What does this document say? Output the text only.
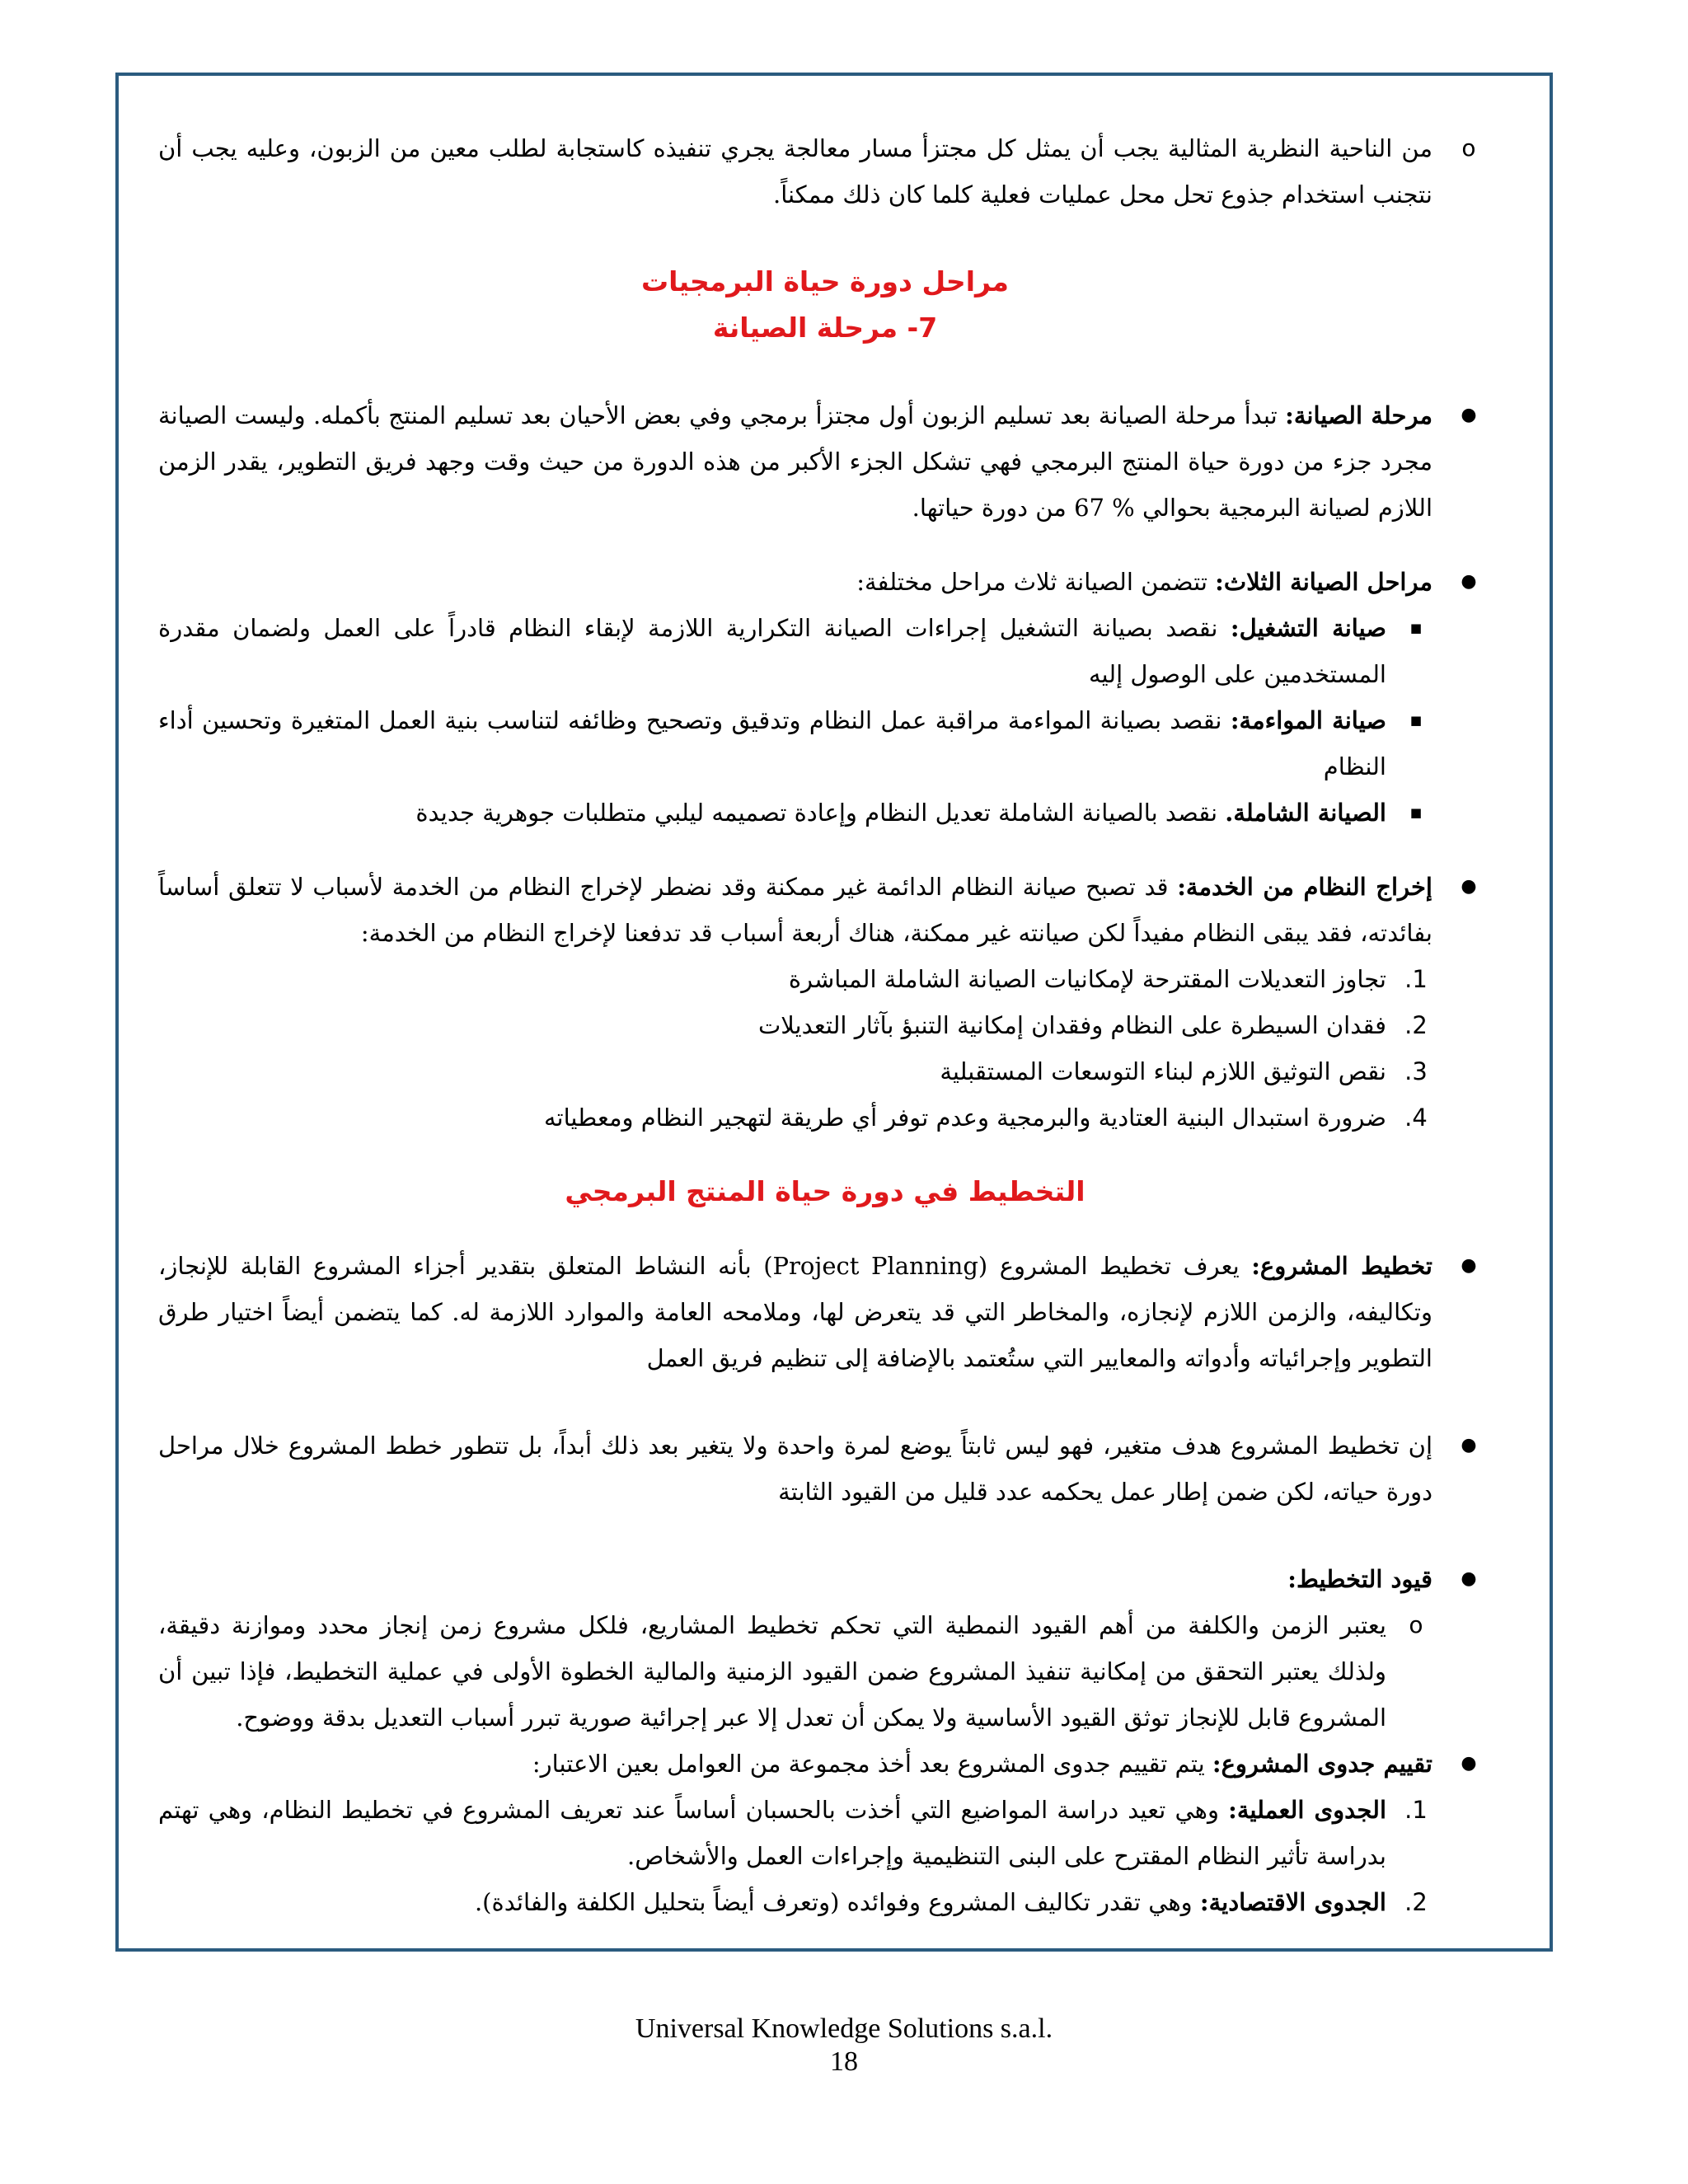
o
من الناحية النظرية المثالية يجب أن يمثل كل مجتزأ مسار معالجة يجري تنفيذه كاستجابة لطلب معين من الزبون، وعليه يجب أن نتجنب استخدام جذوع تحل محل عمليات فعلية كلما كان ذلك ممكناً.

مراحل دورة حياة البرمجيات

7- مرحلة الصيانة

●
مرحلة الصيانة: تبدأ مرحلة الصيانة بعد تسليم الزبون أول مجتزأ برمجي وفي بعض الأحيان بعد تسليم المنتج بأكمله. وليست الصيانة مجرد جزء من دورة حياة المنتج البرمجي فهي تشكل الجزء الأكبر من هذه الدورة من حيث وقت وجهد فريق التطوير، يقدر الزمن اللازم لصيانة البرمجية بحوالي % 67 من دورة حياتها.

●
مراحل الصيانة الثلاث: تتضمن الصيانة ثلاث مراحل مختلفة:

■
صيانة التشغيل: نقصد بصيانة التشغيل إجراءات الصيانة التكرارية اللازمة لإبقاء النظام قادراً على العمل ولضمان مقدرة المستخدمين على الوصول إليه

■
صيانة المواءمة: نقصد بصيانة المواءمة مراقبة عمل النظام وتدقيق وتصحيح وظائفه لتناسب بنية العمل المتغيرة وتحسين أداء النظام

■
الصيانة الشاملة. نقصد بالصيانة الشاملة تعديل النظام وإعادة تصميمه ليلبي متطلبات جوهرية جديدة

●
إخراج النظام من الخدمة: قد تصبح صيانة النظام الدائمة غير ممكنة وقد نضطر لإخراج النظام من الخدمة لأسباب لا تتعلق أساساً بفائدته، فقد يبقى النظام مفيداً لكن صيانته غير ممكنة، هناك أربعة أسباب قد تدفعنا لإخراج النظام من الخدمة:

1.
تجاوز التعديلات المقترحة لإمكانيات الصيانة الشاملة المباشرة

2.
فقدان السيطرة على النظام وفقدان إمكانية التنبؤ بآثار التعديلات

3.
نقص التوثيق اللازم لبناء التوسعات المستقبلية

4.
ضرورة استبدال البنية العتادية والبرمجية وعدم توفر أي طريقة لتهجير النظام ومعطياته

التخطيط في دورة حياة المنتج البرمجي

●
تخطيط المشروع: يعرف تخطيط المشروع (Project Planning) بأنه النشاط المتعلق بتقدير أجزاء المشروع القابلة للإنجاز، وتكاليفه، والزمن اللازم لإنجازه، والمخاطر التي قد يتعرض لها، وملامحه العامة والموارد اللازمة له. كما يتضمن أيضاً اختيار طرق التطوير وإجرائياته وأدواته والمعايير التي ستُعتمد بالإضافة إلى تنظيم فريق العمل

●
إن تخطيط المشروع هدف متغير، فهو ليس ثابتاً يوضع لمرة واحدة ولا يتغير بعد ذلك أبداً، بل تتطور خطط المشروع خلال مراحل دورة حياته، لكن ضمن إطار عمل يحكمه عدد قليل من القيود الثابتة

●
قيود التخطيط:

o
يعتبر الزمن والكلفة من أهم القيود النمطية التي تحكم تخطيط المشاريع، فلكل مشروع زمن إنجاز محدد وموازنة دقيقة، ولذلك يعتبر التحقق من إمكانية تنفيذ المشروع ضمن القيود الزمنية والمالية الخطوة الأولى في عملية التخطيط، فإذا تبين أن المشروع قابل للإنجاز توثق القيود الأساسية ولا يمكن أن تعدل إلا عبر إجرائية صورية تبرر أسباب التعديل بدقة ووضوح.

●
تقييم جدوى المشروع: يتم تقييم جدوى المشروع بعد أخذ مجموعة من العوامل بعين الاعتبار:

1.
الجدوى العملية: وهي تعيد دراسة المواضيع التي أخذت بالحسبان أساساً عند تعريف المشروع في تخطيط النظام، وهي تهتم بدراسة تأثير النظام المقترح على البنى التنظيمية وإجراءات العمل والأشخاص.

2.
الجدوى الاقتصادية: وهي تقدر تكاليف المشروع وفوائده (وتعرف أيضاً بتحليل الكلفة والفائدة).

Universal Knowledge Solutions s.a.l.
18
